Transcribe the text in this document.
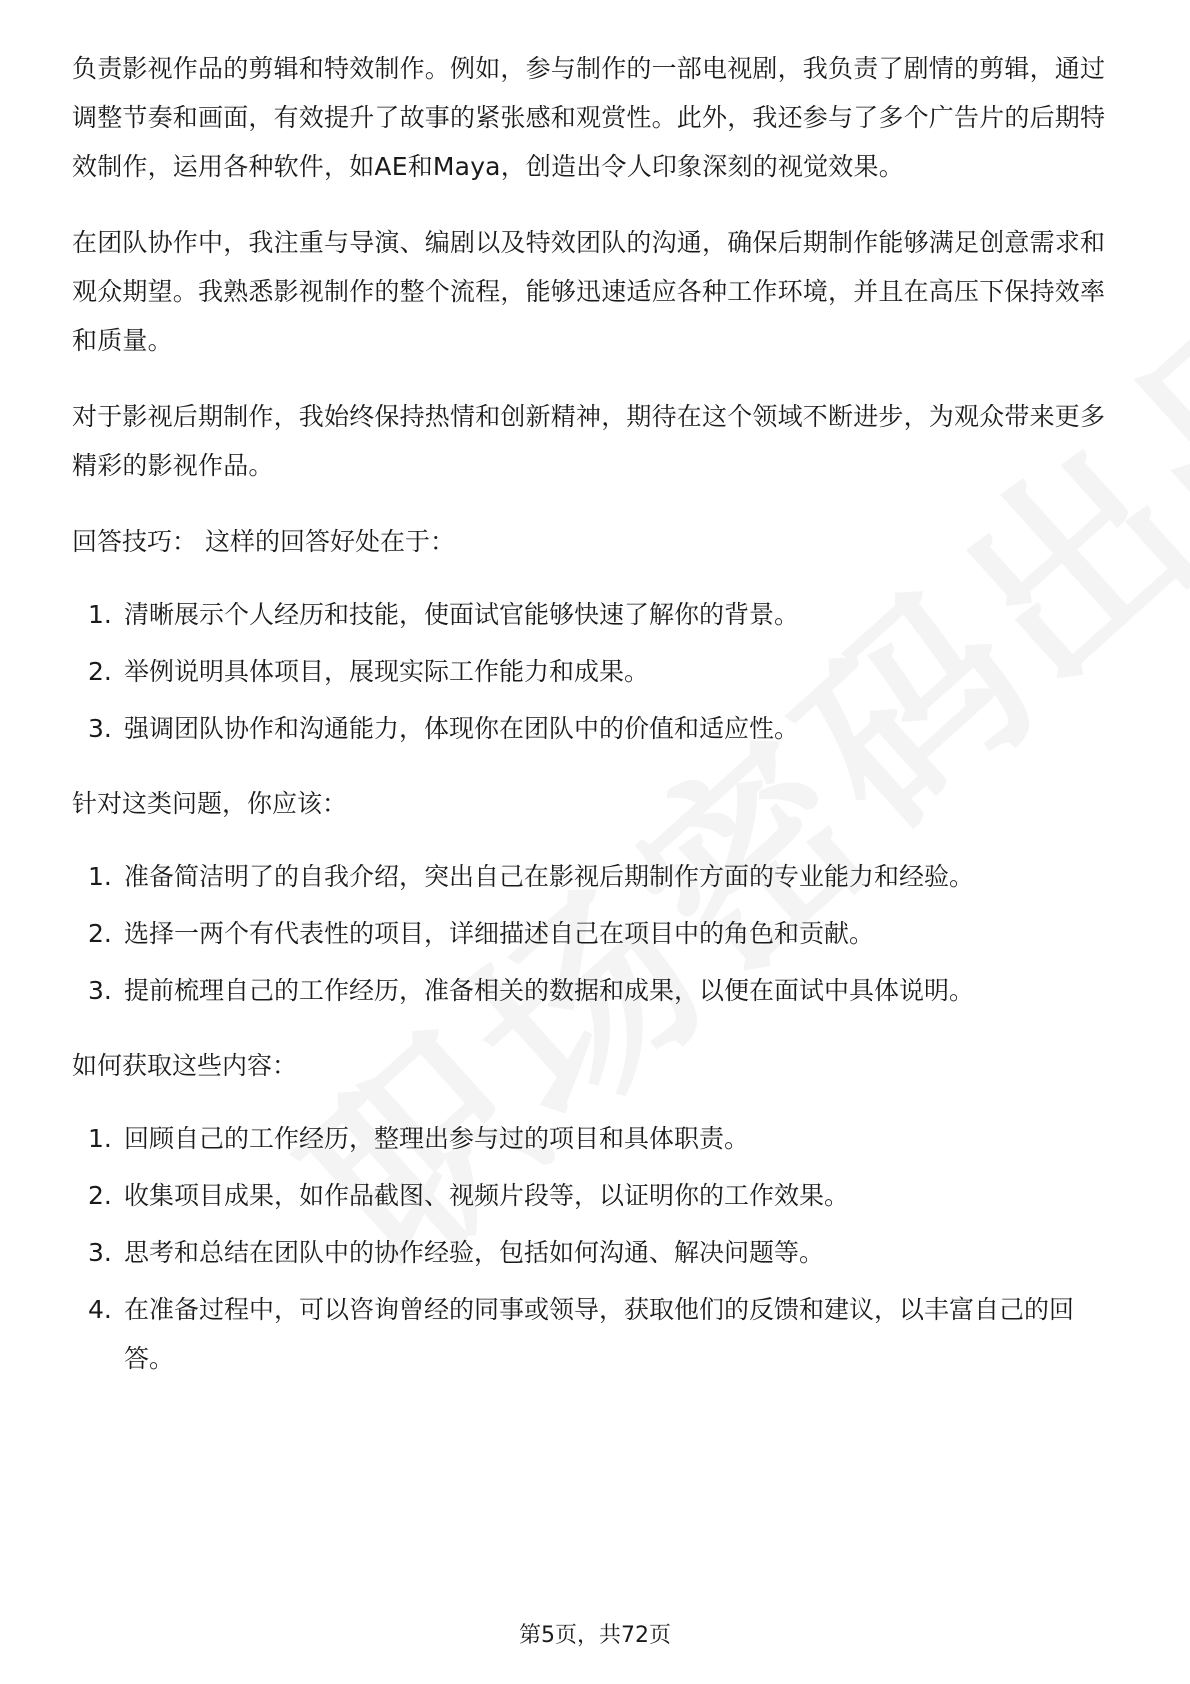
负责影视作品的剪辑和特效制作。例如，参与制作的一部电视剧，我负责了剧情的剪辑，通过调整节奏和画面，有效提升了故事的紧张感和观赏性。此外，我还参与了多个广告片的后期特效制作，运用各种软件，如AE和Maya，创造出令人印象深刻的视觉效果。

在团队协作中，我注重与导演、编剧以及特效团队的沟通，确保后期制作能够满足创意需求和观众期望。我熟悉影视制作的整个流程，能够迅速适应各种工作环境，并且在高压下保持效率和质量。

对于影视后期制作，我始终保持热情和创新精神，期待在这个领域不断进步，为观众带来更多精彩的影视作品。

回答技巧： 这样的回答好处在于：

1. 清晰展示个人经历和技能，使面试官能够快速了解你的背景。
2. 举例说明具体项目，展现实际工作能力和成果。
3. 强调团队协作和沟通能力，体现你在团队中的价值和适应性。

针对这类问题，你应该：

1. 准备简洁明了的自我介绍，突出自己在影视后期制作方面的专业能力和经验。
2. 选择一两个有代表性的项目，详细描述自己在项目中的角色和贡献。
3. 提前梳理自己的工作经历，准备相关的数据和成果，以便在面试中具体说明。

如何获取这些内容：

1. 回顾自己的工作经历，整理出参与过的项目和具体职责。
2. 收集项目成果，如作品截图、视频片段等，以证明你的工作效果。
3. 思考和总结在团队中的协作经验，包括如何沟通、解决问题等。
4. 在准备过程中，可以咨询曾经的同事或领导，获取他们的反馈和建议，以丰富自己的回答。
第5页，共72页
